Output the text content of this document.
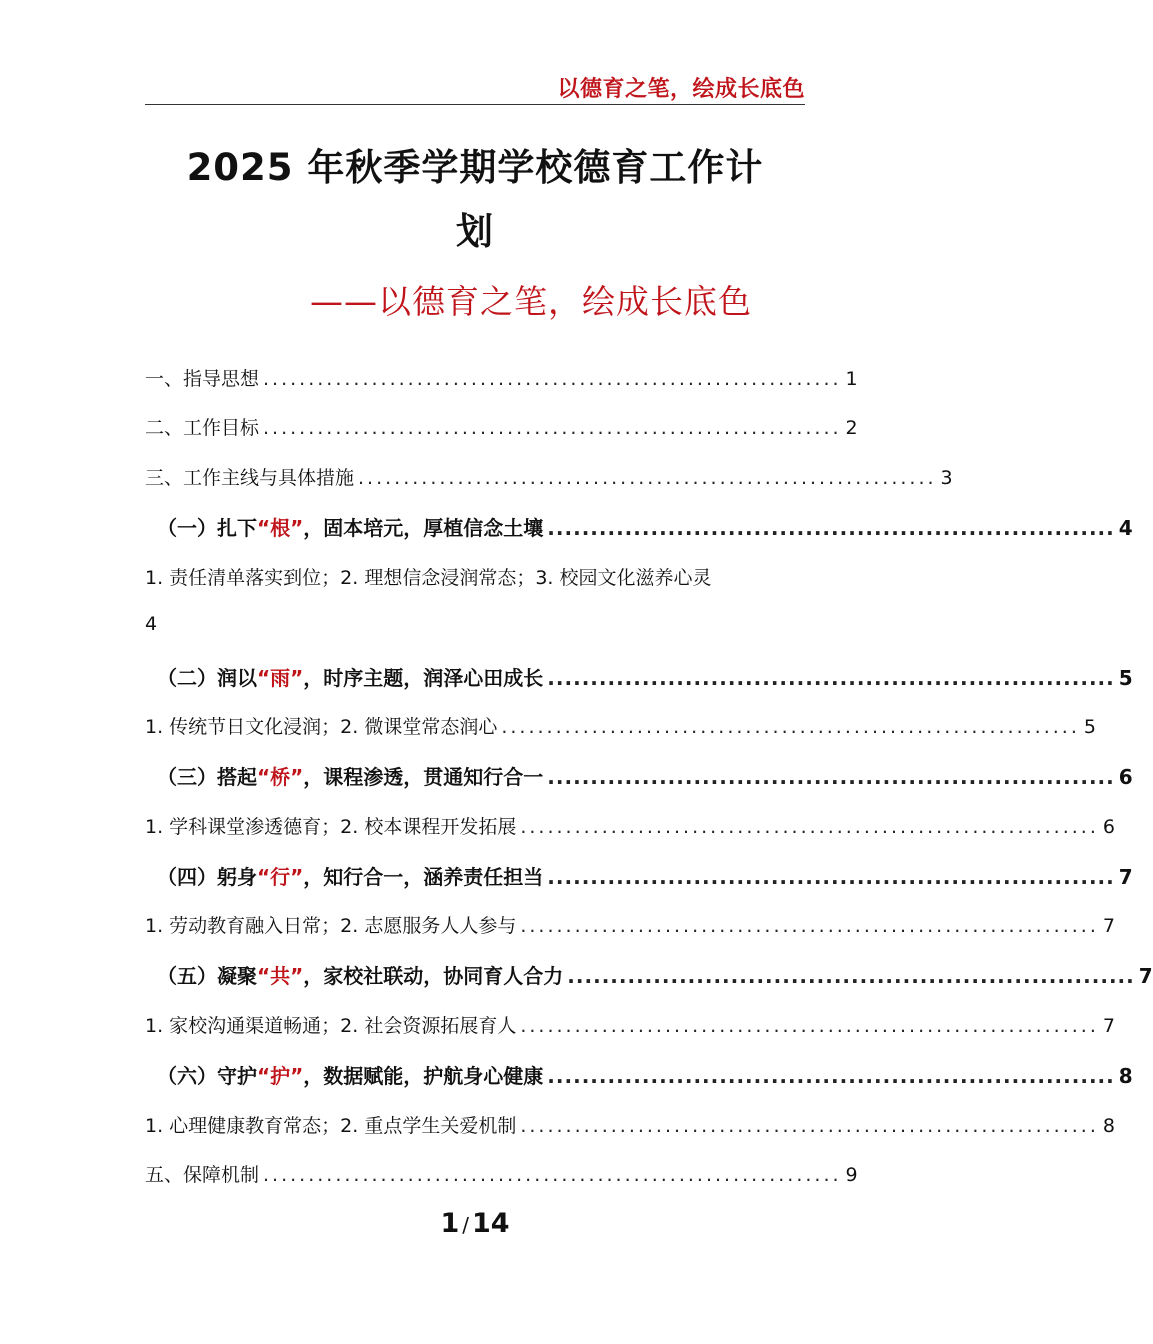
以德育之笔，绘成长底色
2025 年秋季学期学校德育工作计
划
——以德育之笔，绘成长底色
一、指导思想 ................................................................ 1
二、工作目标 ................................................................ 2
三、工作主线与具体措施 ................................................................ 3
（一）扎下“根”，固本培元，厚植信念土壤 .................................................................. 4
1. 责任清单落实到位；2. 理想信念浸润常态；3. 校园文化滋养心灵
4
（二）润以“雨”，时序主题，润泽心田成长 .................................................................. 5
1. 传统节日文化浸润；2. 微课堂常态润心 ................................................................ 5
（三）搭起“桥”，课程渗透，贯通知行合一 .................................................................. 6
1. 学科课堂渗透德育；2. 校本课程开发拓展 ................................................................ 6
（四）躬身“行”，知行合一，涵养责任担当 .................................................................. 7
1. 劳动教育融入日常；2. 志愿服务人人参与 ................................................................ 7
（五）凝聚“共”，家校社联动，协同育人合力 .................................................................. 7
1. 家校沟通渠道畅通；2. 社会资源拓展育人 ................................................................ 7
（六）守护“护”，数据赋能，护航身心健康 .................................................................. 8
1. 心理健康教育常态；2. 重点学生关爱机制 ................................................................ 8
五、保障机制 ................................................................ 9
1 / 14
